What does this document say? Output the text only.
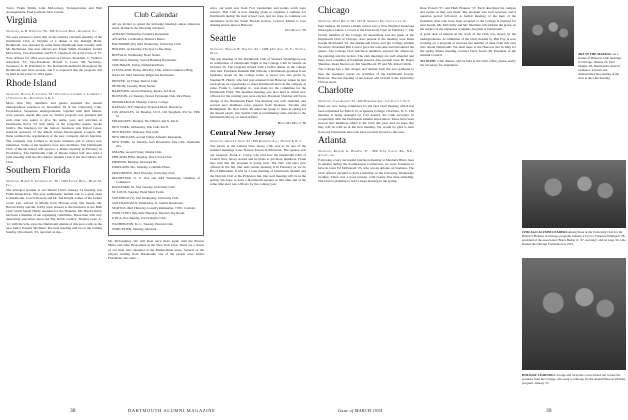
Tracy, Frank Smith, John McGovney, Transportation and Hall Arrangements; Fred Garfield, Mac Curran.

Virginia

Secretary, A. B. Whitfield '36 / 306 Tuckahoe Blvd., Richmond, Va.

We were pleased to learn that on the January eleventh meeting of the Dartmouth Club of Virginia at a dinner at the Raleigh Hotel, Richmond, was attended by some thirty Dartmouth men recently with Mr. Richmond. Our new officers are: Frank Smith, President; Gerald McGovney, Vice-President; and H. F. Chadwell, all of the Class of '37. Your officers for 1954 were elected as follows: President, C. Wallace Albertson '33; Vice-President, Harold S. Lowe '48; Secretary-Treasurer, A. B. Whitfield Jr. '36. Dartmouth members throughout the Richmond area were present, and it is expected that the program will be held in the Class of 1954 again.

Rhode Island

Secretary, Donald E. Coleman '33 / Providence Chamber of Commerce / 17 Exchange Pl., Providence 3, R. I.

More than fifty members and guests attended the annual undergraduate luncheon on December 29 at the University Club, Providence. Seventeen undergraduates, together with their fathers, were present. Again this year no formal program was planned and each man was asked to give his name, year, and activities at Dartmouth. Percy '53 with many of the program's guests. Spoke briefly. The luncheon for the Juniors' luncheon was Robert Gates, assistant secretary of the Rhode Island Development Council. Mr. Dean outlined the organization of the new company and its function. The company was formed to increase business and to attract new industries. Some of the speakers were new members. The Dartmouth Club of Rhode Island will sponsor a dinner meeting in February in Providence. The Dartmouth Club of Rhode Island will also hold a joint meeting with the Providence Alumni Club at the Providence Art Club.

Southern Florida

Secretary, Harris S. Patterson Jr. '39 / 1009 Pacific Bldg., Miami 32, Fla.

The principal speaker at our Miami Club's January 23 meeting was Frank Kirkpatrick, fifty-year enthusiastic alumni who is a great asset to Dartmouth. Coach Snavely and Dr. Ted Knight, father of the former coach Len, arrived in Miami from Havana early this month. Mr. Harold Kirby and Mr. Kirby were present at the luncheon at the Bath Club which Sandy Hardy attended for the Hopkins. Mr. Harold Kirby has been a member of the organizing committee. These men with very interesting anecdotes about the Big North country. Thomas Lees, Jr. '12, with his wife, gave the Dartmouth alumni of this area a talk on the new Junior Eastern Ski Meet. The next meeting will be on the coming Sunday. Woodward, '23, reported on the...

Club Calendar

All are invited to attend the following meetings unless otherwise noted. In March, the following will meet:

ALBANY, Wednesday, Fortune's Restaurant.

ATLANTA, 1st Monday, Maxine's Bistro.

BALTIMORE (D), third Wednesday, University Club.

BOSTON, 1st Monday, The Spot Coffee Shop.

BUFFALO, Wednesday, Hotel Statler.

CHICAGO, Monday, Sovron Building Restaurant.

CINCINNATI, Friday, Netherland Plaza.

CLEVELAND, Friday, Mid-Day Club, Union Commerce Bldg.

DALLAS, third Saturday, Ridgecrest Restaurant.

DENVER, 1st Friday, Denver Club.

DETROIT, Tuesday, Hotel Statler.

HARTFORD, second Thursday, Ryan's, 3rd Floor.

HOUSTON, 1st Tuesday, Nortex Petroleum Club, Rice Hotel.

INDIANAPOLIS, Monday, Canary Cottage.

KANSAS CITY, Thursday, Pickwick Hotel, Broadway.

LOS ANGELES, 1st Monday, 10:15, Old Spaghetti, 631 So. Fifth St.

MILWAUKEE, Monday, The Dimitri, 444 N. 4th St.

NEW YORK, Wednesday, Yale Club, 4th Fl.

NEW HAVEN, Thursday, Yale Club.

NEW ORLEANS, second Friday, Arnaud's Restaurant.

NEW YORK, 1st Tuesday, Joe's Restaurant, Yale Club, Vanderbilt Ave.

OMAHA, second Friday, Omaha Club.

PHILADELPHIA, Monday, Down Town Club.

PHOENIX, Monday, Westward Ho.

PORTLAND, Me., Monday, Columbia Hotel.

PROVIDENCE, third Thursday, University Club.

ROCHESTER, N. Y., first and third Wednesday, Chamber of Commerce.

ROCKFORD, Ill., first Tuesday, University Club.

ST. LOUIS, Tuesday, Hotel Mark Twain.

SAN DIEGO (Y), first Wednesday, University Club.

SAN FRANCISCO, Wednesday, St. Julien's Restaurant.

SEATTLE, third Thursday, Lowell's Rathskeller, 718 E. Colonial.

TWIN CITIES (M), third Thursday, Dayton's Sky Room.

UTICA, first Tuesday, Fort Schuyler Club.

WASHINGTON, D. C., Tuesday, Harvard Club.

WORCESTER, Monday, Sheraton.

Mr. McGaughey. We will meet once more again with the Boston Metro and other Bostonians as the New York Club. There are a dozen of our men who attended at the Miami-Dade areas. Several of the players visiting from Dartmouth; one of the people were native Floridians. We came ...

Also, our team was from Fort Lauderdale and points north were present. This Club is now making plans to organize a summer for Dartmouth during the next school year, and we hope to continue our attendance from the South Florida section. Convert Miami is now making eleven men at Hanover.

Don Malloy '39

Seattle

Secretary, William H. Sheldon '42 / 1408 44th Ave., N. E., Seattle, Wash.

The last meeting of the Dartmouth Club of Western Washington was in celebration of Dartmouth Night at the College Club in Seattle on October 25. The program started with a buffet dinner in the college club hall. President Kenneth Bill Dirrom, a Dartmouth graduate from Spokane, spoke on the college today. A report was also given by Stephen H. Henry, who had just returned from Hanover where he had been given an opportunity to meet Dartmouth men on the campus. A prize, Frank C. Gallagher Jr., was made for the committee for the Dartmouth Fund. The biennial meeting was also held at which new officers for the coming year were elected. President Sheldon will be in charge of the Dartmouth Fund. The meeting was well attended, and several new members were present from Spokane, Tacoma and Bellingham. Dr. Bob Tobin '49 asked the group to meet in spring for the annual picnic. Our Seattle Club is contributing some articles to the Dartmouth library on Asian Affairs.

Bruce MacMillan '38

Central New Jersey

Secretary, Arthur J. Stein '33 / 839 Riverview Ave., Trenton 8, N. J.

The picnic at the Central New Jersey Club was to be one of the summer meetings at the Nassau Tavern in Princeton. The speaker was our treasurer, Frank C. Colby, who told how the Dartmouth Club of Central New Jersey started and its plans to get more members. Frank also said that the program is going well. The club will elect new officers in the fall. Our next winter meeting is in February as we do Hood Millenium. It will be a joint meeting of Dartmouth Alumni and the Newark Club at the Princeton Inn. Our next meeting will be in the spring. We hope to have a Dartmouth speaker at that time and at the same time elect new officers for the coming year.

38	DARTMOUTH ALUMNI MAGAZINE
Chicago

Secretary, Philip Regan '36 / 315 N. Sheridan Rd., Chicago 11, Ill.

Paul Sample '20 turned a blank canvas into a New England landscape masterpiece before a crowd at the University Club on February 7. The faculty member of the College art department was the guest of the Dartmouth Club of Chicago. Also present at the meeting were Dean Joseph McDonald '25, the Dartmouth Dean, and the College Alumni Secretary. President Bill Lawlor gave the welcome and introduced the guests. The College Club luncheon members enjoyed the afternoon, the painting and the lecture. The club meetings are well attended and there were a number of freshmen present. Also present were Dr. Roger Sherman, Dean Sherwood, Jim Sandbloom '07 and Mr. Robert Wells.

The College has a fine chapel, and alumni from the area gathered to hear the speakers' report on activities of the Dartmouth faculty. Hanover. The last meeting of the season will be held at the University Club in April.

Charlotte

Secretary, Carl Arnold '33 / 424 Hampshire Ave., Charlotte 7, N. C.

Plans are now being completed for the first Club meeting which has been scheduled for March 15, at Queens College, Charlotte, N. C. The meeting is being arranged by Carl Arnold, the Club secretary, in cooperation with the Dartmouth Alumni Association. There have been several new members added to the Club this year, and we hope that they will be with us at the first meeting. We would be glad to hear from any Dartmouth men who have recently moved to this area.

Atlanta

Secretary, Richard G. Hawkins '37 / 800 Town Valley Rd., N.E., Atlanta, Ga.

Following a very successful luncheon meeting at Maxine's Bistro here in Atlanta during the Southeastern Conference, we were fortunate to have in town Ed McDonald '25, who was in Atlanta on business. The Club officers decided to hold a meeting on the following Wednesday evening. There was a good turnout, with twenty-five men attending. The Club is planning to hold a large meeting in the spring.

Rose Powell '57, and Herb Brokaw '57. Each described the campus and events as they saw them. The program was well received, and a question period followed. A formal meeting of the men of the freshman class who have been accepted to the College is planned for next month. Mr. McCarthy and Mr. Sherman will address the group on the subject of the expanded academic program at Dartmouth.

A great deal of interest in the work of the Club was shown by the undergraduates. A committee of the Club, headed by Phil Fay, is now working on a program to increase the number of men from this area who attend Dartmouth. We shall meet at the Hanover Inn in May for the spring dinner meeting. Contact Dave Soule '48, President of the Alumni Council.

TO NOTE: Club dinners will be held at the Club office; please notify the Secretary for attendance.

ART IN THE MAKING: As a feature of Hanover Club meetings in Chicago, January 25, Paul Sample '20, Dartmouth's artist in residence, lectured and demonstrated his painting of the river at the Club meeting.
CHICAGO ALUMNI LEADERS among those at the University Club for the Hanover Holiday in Chicago program, January 23; (l to r) Warren Fullington '28, president of the association; Bruce Bemer Jr. '47, secretary; and Al Lapp '26, who headed the Chicago Foundation in 1953.
HOLIDAY LEARNING: A large and receptive crowd turned out to hear the speakers from the College, who went to Chicago for the annual Hanover Holiday program, January 23.
Issue of MARCH 1954	39
